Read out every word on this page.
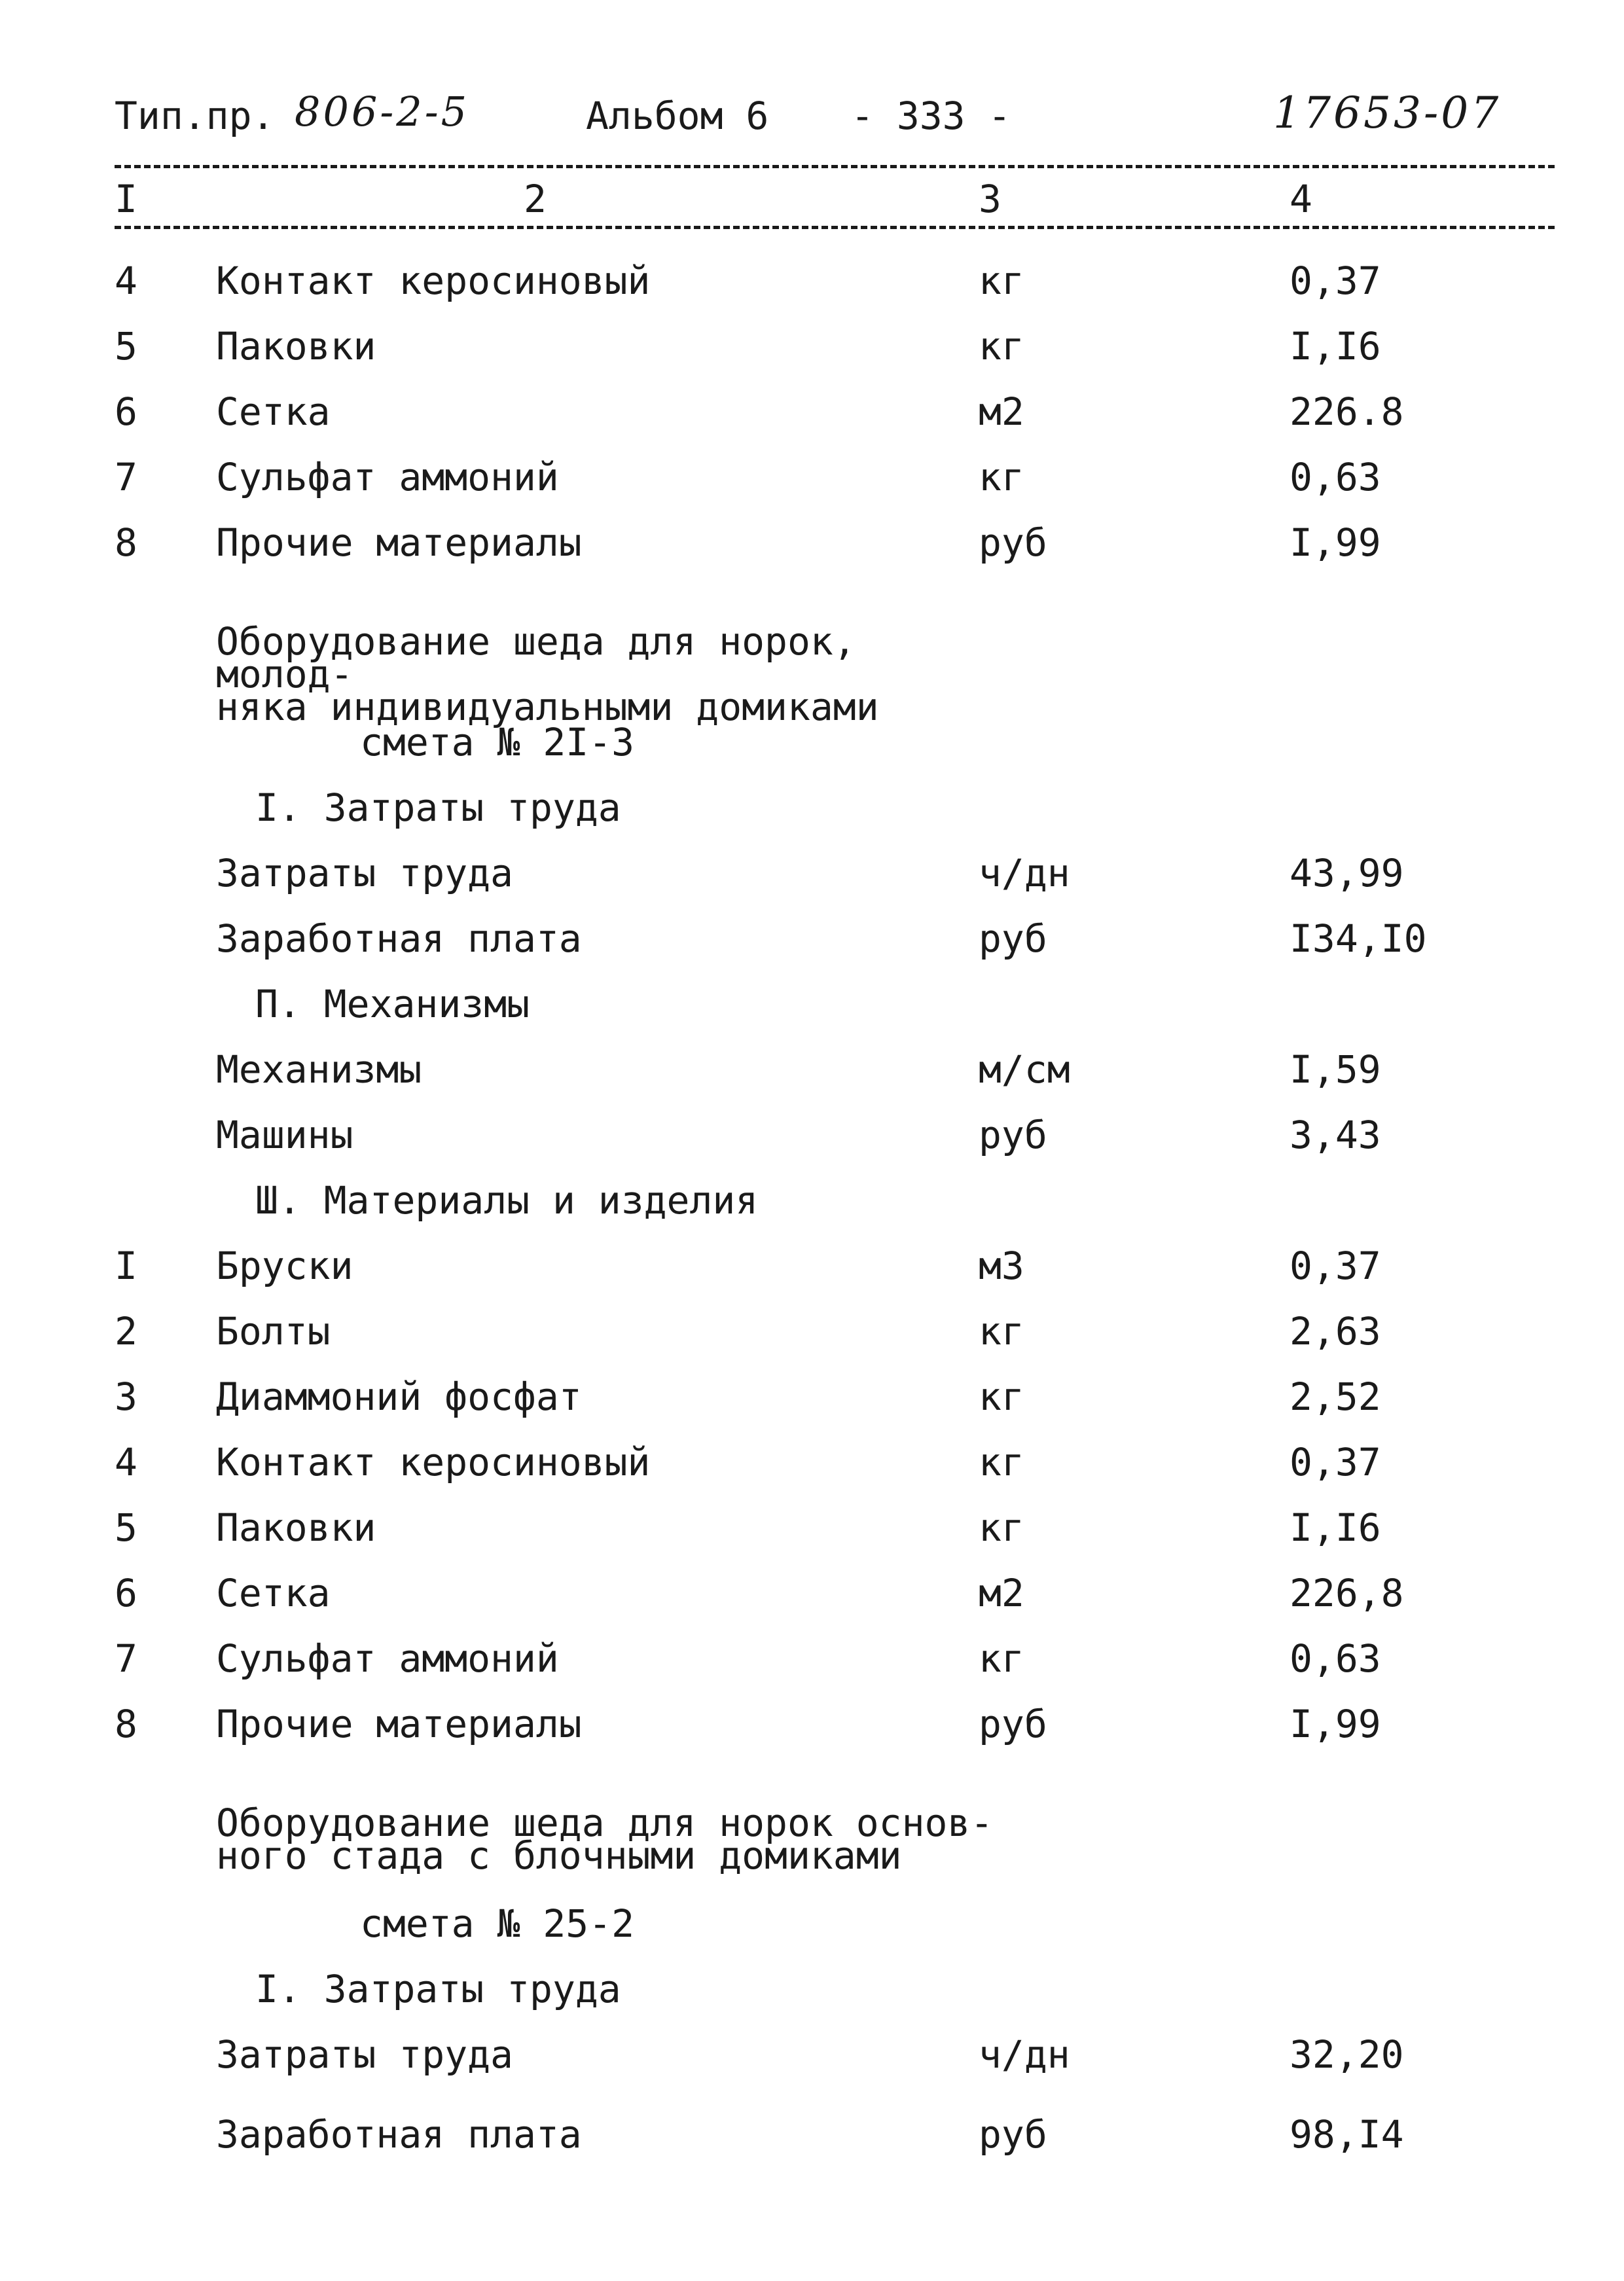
Тип.пр. 806-2-5	Альбом 6 - 333 -	17653-07
I	2	3	4
4 Контакт керосиновый	кг	0,37
5 Паковки	кг	I,I6
6 Сетка	м2	226.8
7 Сульфат аммоний	кг	0,63
8 Прочие материалы	руб	I,99
Оборудование шеда для норок, молод-
няка индивидуальными домиками
смета № 2I-3
I. Затраты труда
Затраты труда	ч/дн	43,99
Заработная плата	руб	I34,I0
П. Механизмы
Механизмы	м/см	I,59
Машины	руб	3,43
Ш. Материалы и изделия
I Бруски	м3	0,37
2 Болты	кг	2,63
3 Диаммоний фосфат	кг	2,52
4 Контакт керосиновый	кг	0,37
5 Паковки	кг	I,I6
6 Сетка	м2	226,8
7 Сульфат аммоний	кг	0,63
8 Прочие материалы	руб	I,99
Оборудование шеда для норок основ-
ного стада с блочными домиками
смета № 25-2
I. Затраты труда
Затраты труда	ч/дн	32,20
Заработная плата	руб	98,I4
